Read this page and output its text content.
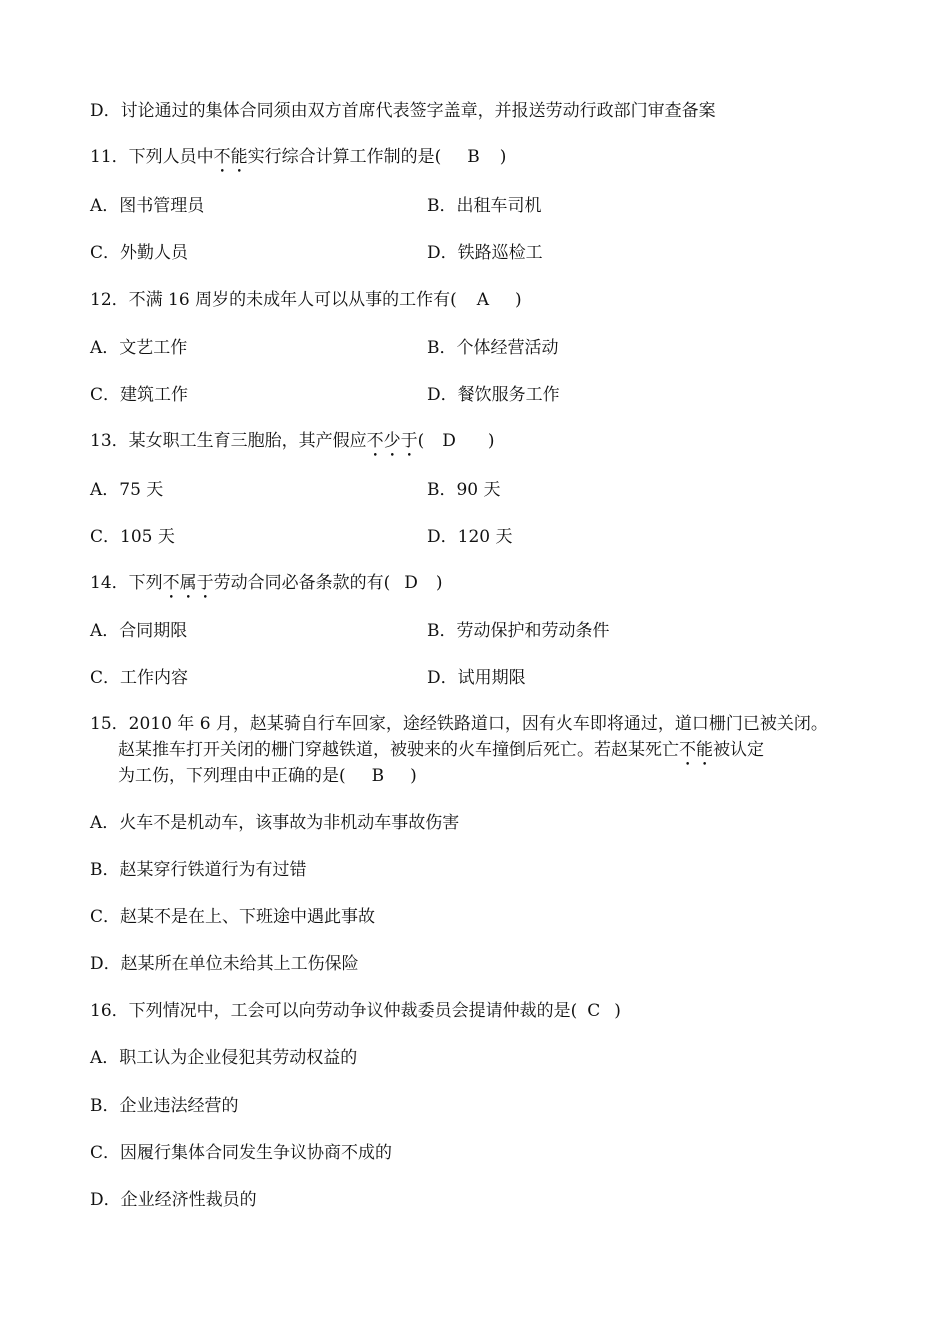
D．讨论通过的集体合同须由双方首席代表签字盖章，并报送劳动行政部门审查备案
11．下列人员中不能实行综合计算工作制的是( B )
A．图书管理员	B．出租车司机
C．外勤人员	D．铁路巡检工
12．不满 16 周岁的未成年人可以从事的工作有( A )
A．文艺工作	B．个体经营活动
C．建筑工作	D．餐饮服务工作
13．某女职工生育三胞胎，其产假应不少于( D )
A．75 天	B．90 天
C．105 天	D．120 天
14．下列不属于劳动合同必备条款的有( D )
A．合同期限	B．劳动保护和劳动条件
C．工作内容	D．试用期限
15．2010 年 6 月，赵某骑自行车回家，途经铁路道口，因有火车即将通过，道口栅门已被关闭。
赵某推车打开关闭的栅门穿越铁道，被驶来的火车撞倒后死亡。若赵某死亡不能被认定
为工伤，下列理由中正确的是( B )
A．火车不是机动车，该事故为非机动车事故伤害
B．赵某穿行铁道行为有过错
C．赵某不是在上、下班途中遇此事故
D．赵某所在单位未给其上工伤保险
16．下列情况中，工会可以向劳动争议仲裁委员会提请仲裁的是( C )
A．职工认为企业侵犯其劳动权益的
B．企业违法经营的
C．因履行集体合同发生争议协商不成的
D．企业经济性裁员的
